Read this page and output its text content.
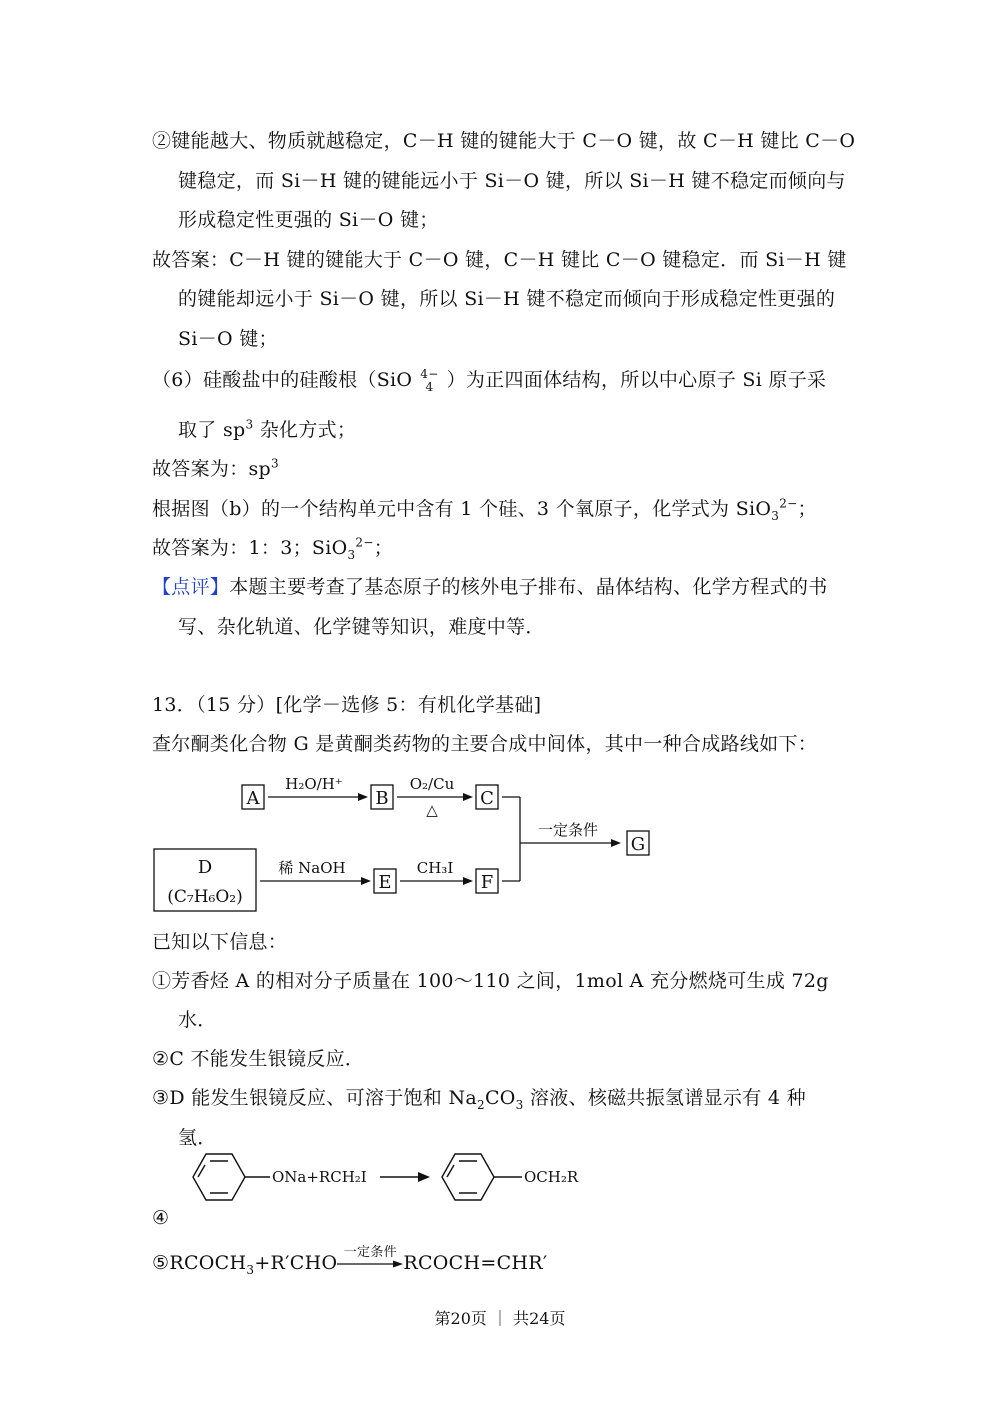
②键能越大、物质就越稳定，C－H 键的键能大于 C－O 键，故 C－H 键比 C－O
键稳定，而 Si－H 键的键能远小于 Si－O 键，所以 Si－H 键不稳定而倾向与
形成稳定性更强的 Si－O 键；
故答案：C－H 键的键能大于 C－O 键，C－H 键比 C－O 键稳定．而 Si－H 键
的键能却远小于 Si－O 键，所以 Si－H 键不稳定而倾向于形成稳定性更强的
Si－O 键；
（6）硅酸盐中的硅酸根（SiO 4−
4 ）为正四面体结构，所以中心原子 Si 原子采
取了 $sp^3$ 杂化方式；
故答案为：$sp^3$
根据图（b）的一个结构单元中含有 1 个硅、3 个氧原子，化学式为 SiO$_3^{2-}$；
故答案为：1：3；SiO$_3^{2-}$；
【点评】本题主要考查了基态原子的核外电子排布、晶体结构、化学方程式的书
写、杂化轨道、化学键等知识，难度中等．
13．（15 分）[化学－选修 5：有机化学基础]
查尔酮类化合物 G 是黄酮类药物的主要合成中间体，其中一种合成路线如下：
A	B	C
D
(C₇H₆O₂)
E	F
G
H₂O/H⁺	O₂/Cu
△
稀 NaOH	CH₃I
一定条件
已知以下信息：
①芳香烃 A 的相对分子质量在 100～110 之间，1mol A 充分燃烧可生成 72g
水．
②C 不能发生银镜反应．
③D 能发生银镜反应、可溶于饱和 $Na_2CO_3$ 溶液、核磁共振氢谱显示有 4 种
氢．
④
ONa+RCH₂I	OCH₂R
$⑤RCOCH_3+R'CHO$ 一定条件 RCOCH=CHR′
第20页 ｜ 共24页
